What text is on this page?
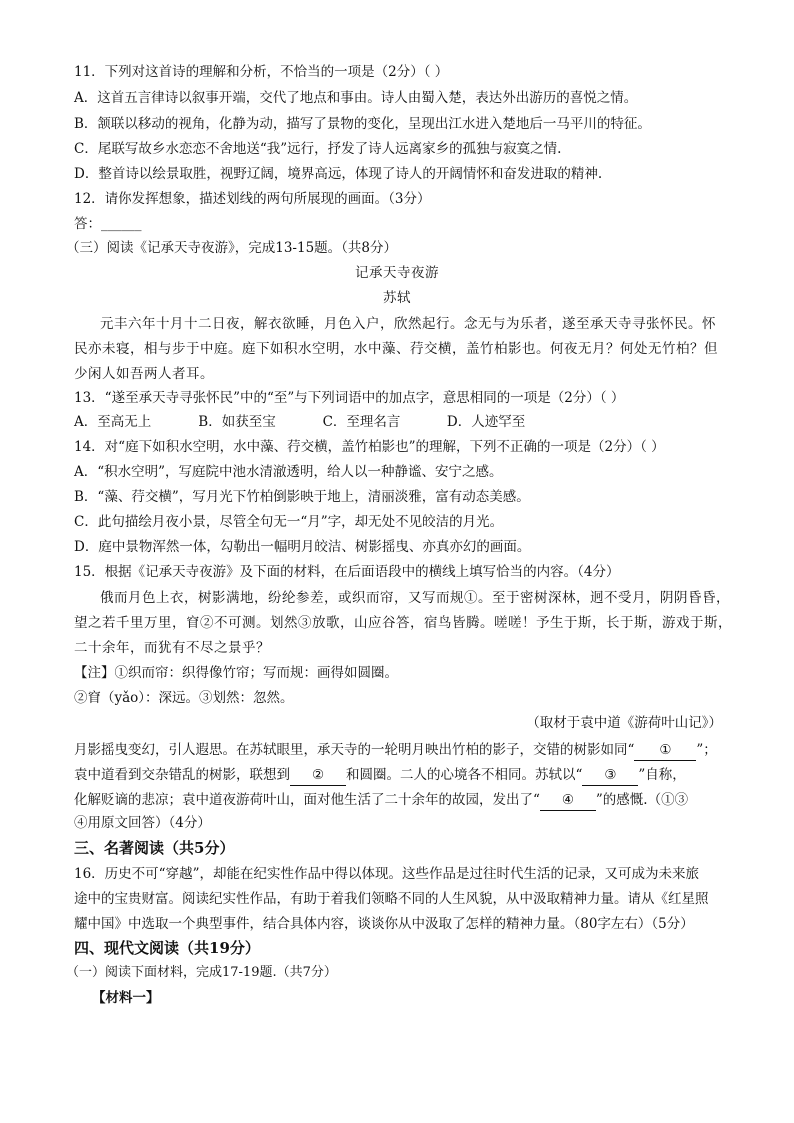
11．下列对这首诗的理解和分析，不恰当的一项是（2分）（ ）
A．这首五言律诗以叙事开端，交代了地点和事由。诗人由蜀入楚，表达外出游历的喜悦之情。
B．颔联以移动的视角，化静为动，描写了景物的变化，呈现出江水进入楚地后一马平川的特征。
C．尾联写故乡水恋恋不舍地送“我”远行，抒发了诗人远离家乡的孤独与寂寞之情.
D．整首诗以绘景取胜，视野辽阔，境界高远，体现了诗人的开阔情怀和奋发进取的精神.
12．请你发挥想象，描述划线的两句所展现的画面。（3分）
答：______
（三）阅读《记承天寺夜游》，完成13-15题。（共8分）
记承天寺夜游
苏轼
元丰六年十月十二日夜，解衣欲睡，月色入户，欣然起行。念无与为乐者，遂至承天寺寻张怀民。怀
民亦未寝，相与步于中庭。庭下如积水空明，水中藻、荇交横，盖竹柏影也。何夜无月？何处无竹柏？但
少闲人如吾两人者耳。
13．“遂至承天寺寻张怀民”中的“至”与下列词语中的加点字，意思相同的一项是（2分）（ ）
A．至高无上	B．如获至宝	C．至理名言	D．人迹罕至
14．对“庭下如积水空明，水中藻、荇交横，盖竹柏影也”的理解，下列不正确的一项是（2分）（ ）
A．“积水空明”，写庭院中池水清澈透明，给人以一种静谧、安宁之感。
B．“藻、荇交横”，写月光下竹柏倒影映于地上，清丽淡雅，富有动态美感。
C．此句描绘月夜小景，尽管全句无一“月”字，却无处不见皎洁的月光。
D．庭中景物浑然一体，勾勒出一幅明月皎洁、树影摇曳、亦真亦幻的画面。
15．根据《记承天寺夜游》及下面的材料，在后面语段中的横线上填写恰当的内容。（4分）
俄而月色上衣，树影满地，纷纶参差，或织而帘，又写而规①。至于密树深林，迥不受月，阴阴昏昏，
望之若千里万里，窅②不可测。划然③放歌，山应谷答，宿鸟皆腾。嗟嗟！予生于斯，长于斯，游戏于斯，
二十余年，而犹有不尽之景乎？
【注】①织而帘：织得像竹帘；写而规：画得如圆圈。
②窅（yǎo）：深远。③划然：忽然。
（取材于袁中道《游荷叶山记》）
月影摇曳变幻，引人遐思。在苏轼眼里，承天寺的一轮明月映出竹柏的影子，交错的树影如同“ ① ”；
袁中道看到交杂错乱的树影，联想到 ② 和圆圈。二人的心境各不相同。苏轼以“ ③ ”自称，
化解贬谪的悲凉；袁中道夜游荷叶山，面对他生活了二十余年的故园，发出了“ ④ ”的感慨.（①③
④用原文回答）（4分）
三、名著阅读（共5分）
16．历史不可“穿越”，却能在纪实性作品中得以体现。这些作品是过往时代生活的记录，又可成为未来旅
途中的宝贵财富。阅读纪实性作品，有助于着我们领略不同的人生风貌，从中汲取精神力量。请从《红星照
耀中国》中选取一个典型事件，结合具体内容，谈谈你从中汲取了怎样的精神力量。（80字左右）（5分）
四、现代文阅读（共19分）
（一）阅读下面材料，完成17-19题.（共7分）
【材料一】
